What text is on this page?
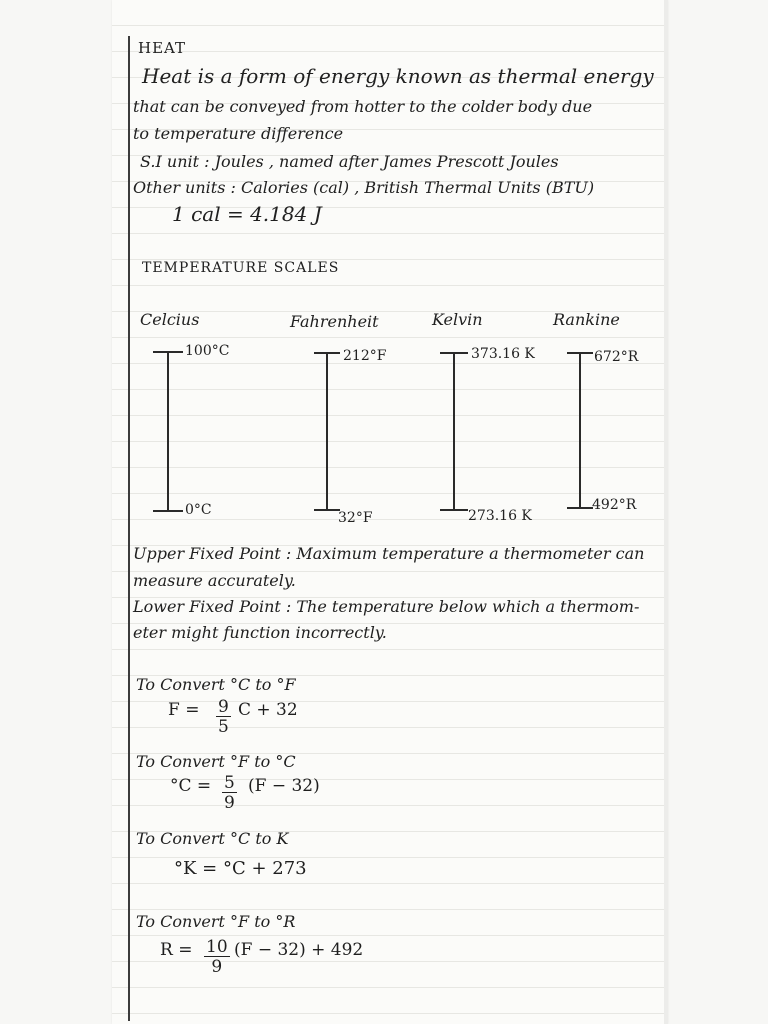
HEAT
Heat is a form of energy known as thermal energy
that can be conveyed from hotter to the colder body due
to temperature difference
S.I unit : Joules , named after James Prescott Joules
Other units : Calories (cal) , British Thermal Units (BTU)
1 cal = 4.184 J
TEMPERATURE SCALES
Celcius	Fahrenheit	Kelvin	Rankine
100°C
0°C
212°F
32°F
373.16 K
273.16 K
672°R
492°R
Upper Fixed Point : Maximum temperature a thermometer can
measure accurately.
Lower Fixed Point : The temperature below which a thermom-
eter might function incorrectly.
To Convert °C to °F
$F = \frac{9}{5}$ C + 32
To Convert °F to °C
$^\circ C = \frac{5}{9} (F - 32)$
To Convert °C to K
°K = °C + 273
To Convert °F to °R
$R = \frac{10}{9} (F - 32) + 492$
